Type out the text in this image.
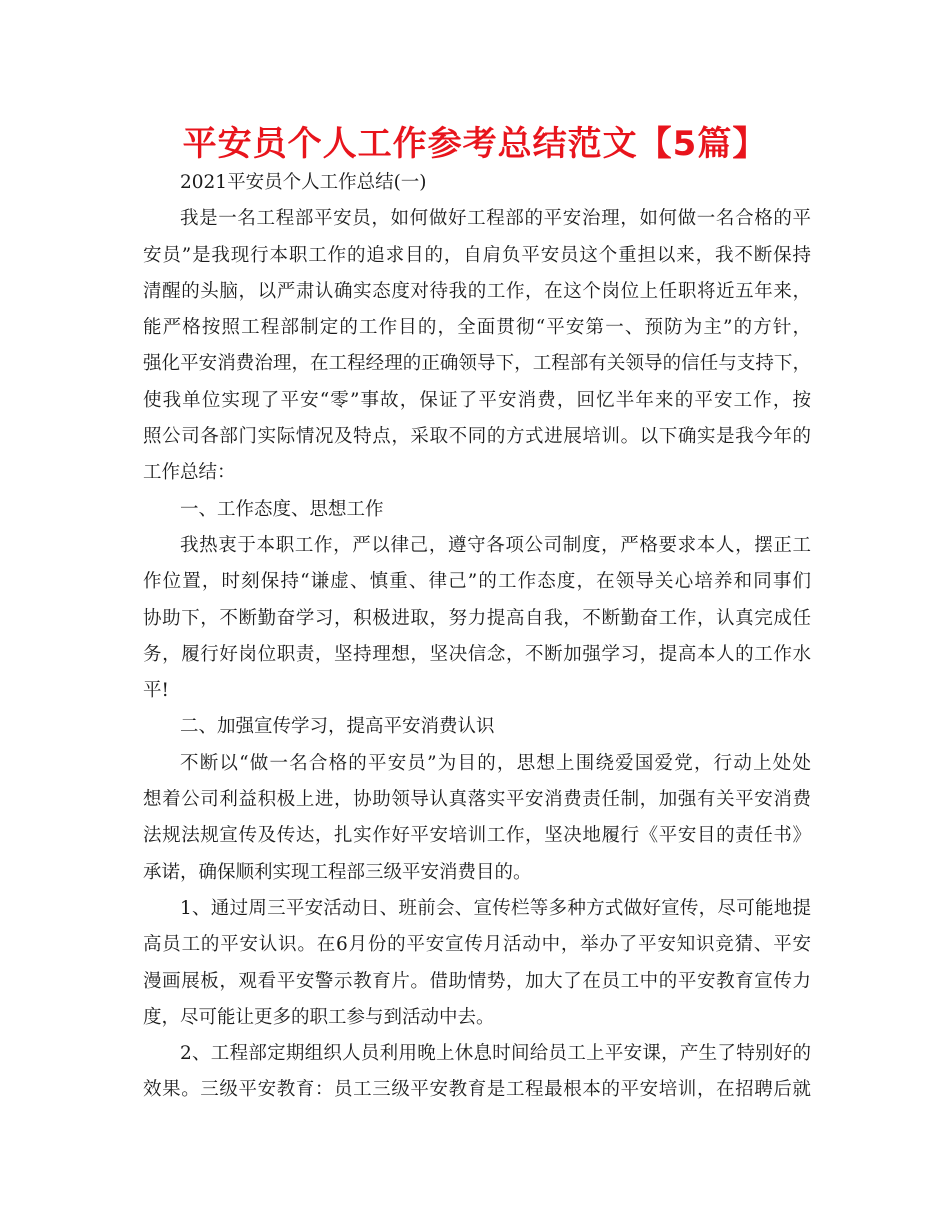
平安员个人工作参考总结范文【5篇】

2021平安员个人工作总结(一)

我是一名工程部平安员，如何做好工程部的平安治理，如何做一名合格的平

安员”是我现行本职工作的追求目的，自肩负平安员这个重担以来，我不断保持

清醒的头脑，以严肃认确实态度对待我的工作，在这个岗位上任职将近五年来，

能严格按照工程部制定的工作目的，全面贯彻“平安第一、预防为主”的方针，

强化平安消费治理，在工程经理的正确领导下，工程部有关领导的信任与支持下，

使我单位实现了平安“零”事故，保证了平安消费，回忆半年来的平安工作，按

照公司各部门实际情况及特点，采取不同的方式进展培训。以下确实是我今年的

工作总结：

一、工作态度、思想工作

我热衷于本职工作，严以律己，遵守各项公司制度，严格要求本人，摆正工

作位置，时刻保持“谦虚、慎重、律己”的工作态度，在领导关心培养和同事们

协助下，不断勤奋学习，积极进取，努力提高自我，不断勤奋工作，认真完成任

务，履行好岗位职责，坚持理想，坚决信念，不断加强学习，提高本人的工作水

平!

二、加强宣传学习，提高平安消费认识

不断以“做一名合格的平安员”为目的，思想上围绕爱国爱党，行动上处处

想着公司利益积极上进，协助领导认真落实平安消费责任制，加强有关平安消费

法规法规宣传及传达，扎实作好平安培训工作，坚决地履行《平安目的责任书》

承诺，确保顺利实现工程部三级平安消费目的。

1、通过周三平安活动日、班前会、宣传栏等多种方式做好宣传，尽可能地提

高员工的平安认识。在6月份的平安宣传月活动中，举办了平安知识竞猜、平安

漫画展板，观看平安警示教育片。借助情势，加大了在员工中的平安教育宣传力

度，尽可能让更多的职工参与到活动中去。

2、工程部定期组织人员利用晚上休息时间给员工上平安课，产生了特别好的

效果。三级平安教育：员工三级平安教育是工程最根本的平安培训，在招聘后就
